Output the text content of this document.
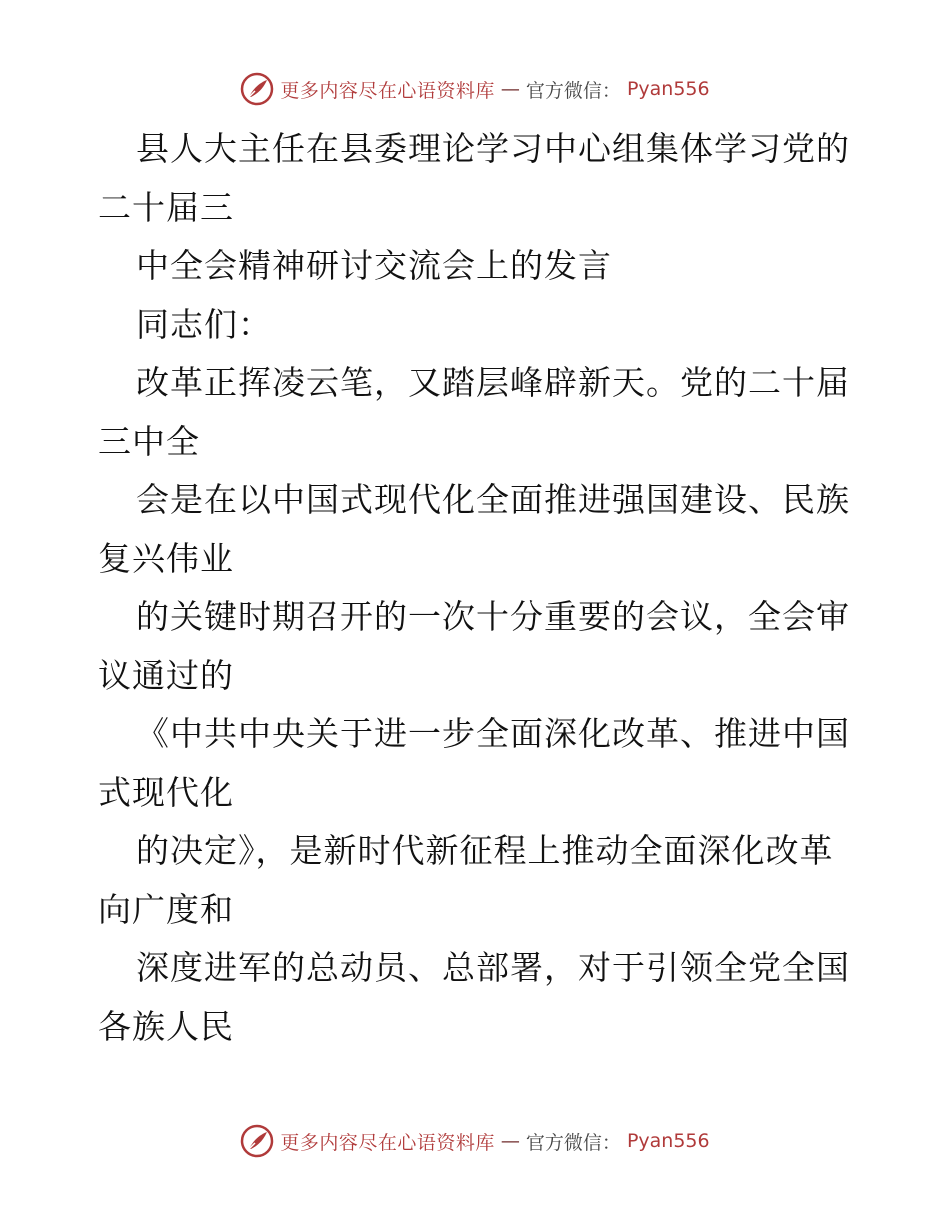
更多内容尽在心语资料库 — 官方微信： Pyan556
县人大主任在县委理论学习中心组集体学习党的
二十届三
中全会精神研讨交流会上的发言
同志们：
改革正挥凌云笔，又踏层峰辟新天。党的二十届
三中全
会是在以中国式现代化全面推进强国建设、民族
复兴伟业
的关键时期召开的一次十分重要的会议，全会审
议通过的
《中共中央关于进一步全面深化改革、推进中国
式现代化
的决定》，是新时代新征程上推动全面深化改革
向广度和
深度进军的总动员、总部署，对于引领全党全国
各族人民
更多内容尽在心语资料库 — 官方微信： Pyan556
